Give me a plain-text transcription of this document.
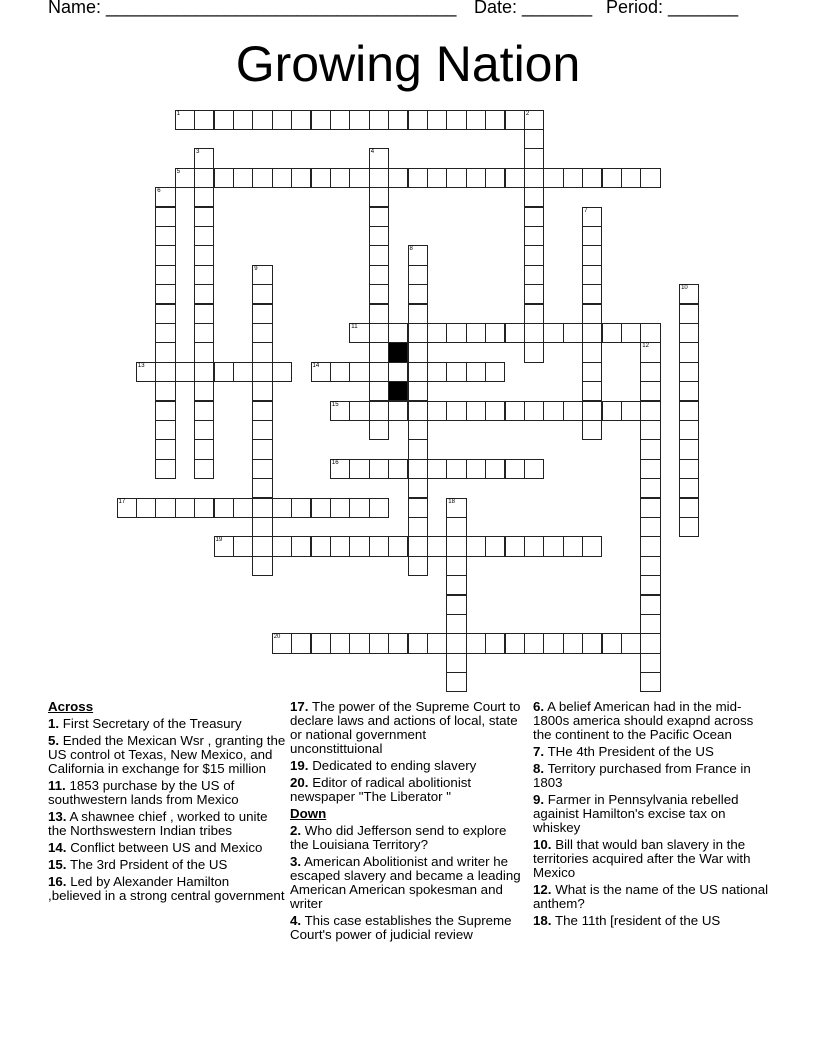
Name: ___________________________________ Date: _______ Period: _______
Growing Nation
1	2
3	4
5
6
7
8
9
10
11
12
13	14
15
16
17	18
19
20
Across
1. First Secretary of the Treasury
5. Ended the Mexican Wsr , granting the US control ot Texas, New Mexico, and California in exchange for $15 million
11. 1853 purchase by the US of southwestern lands from Mexico
13. A shawnee chief , worked to unite the Northswestern Indian tribes
14. Conflict between US and Mexico
15. The 3rd Prsident of the US
16. Led by Alexander Hamilton ,believed in a strong central government
17. The power of the Supreme Court to declare laws and actions of local, state or national government unconstittuional
19. Dedicated to ending slavery
20. Editor of radical abolitionist newspaper "The Liberator "
Down
2. Who did Jefferson send to explore the Louisiana Territory?
3. American Abolitionist and writer he escaped slavery and became a leading American American spokesman and writer
4. This case establishes the Supreme Court's power of judicial review
6. A belief American had in the mid-1800s america should exapnd across the continent to the Pacific Ocean
7. THe 4th President of the US
8. Territory purchased from France in 1803
9. Farmer in Pennsylvania rebelled againist Hamilton's excise tax on whiskey
10. Bill that would ban slavery in the territories acquired after the War with Mexico
12. What is the name of the US national anthem?
18. The 11th [resident of the US
